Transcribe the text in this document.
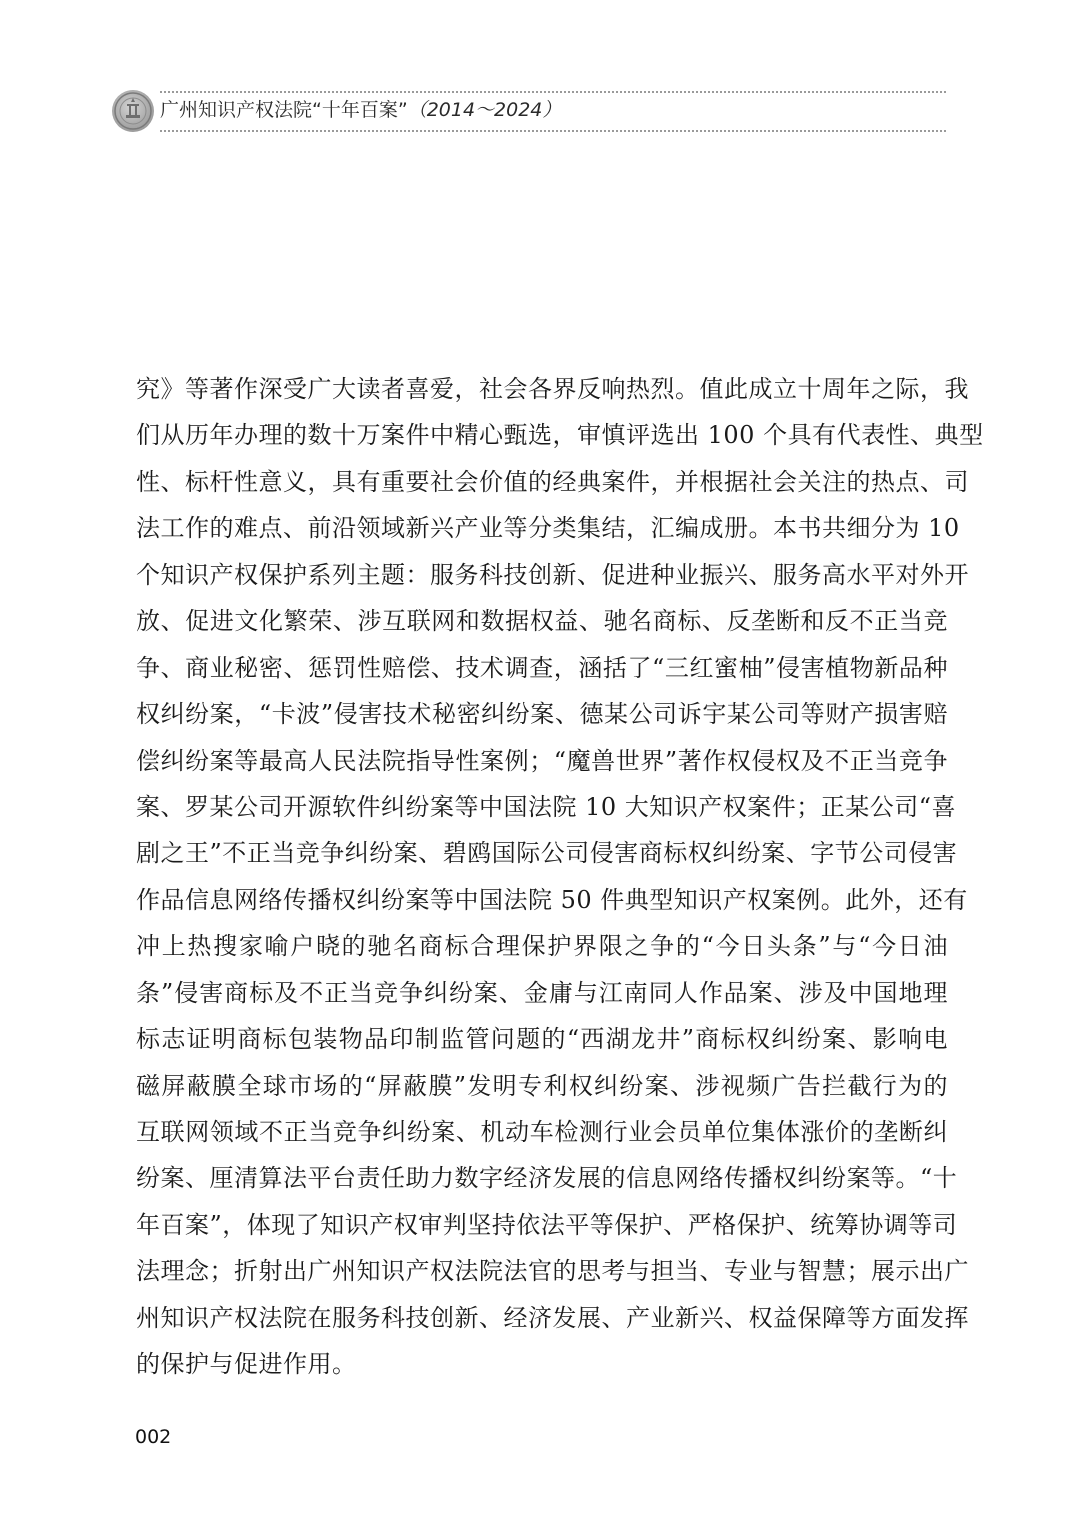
广州知识产权法院“十年百案”（2014～2024）
究》等著作深受广大读者喜爱，社会各界反响热烈。值此成立十周年之际，我
们从历年办理的数十万案件中精心甄选，审慎评选出 100 个具有代表性、典型
性、标杆性意义，具有重要社会价值的经典案件，并根据社会关注的热点、司
法工作的难点、前沿领域新兴产业等分类集结，汇编成册。本书共细分为 10
个知识产权保护系列主题：服务科技创新、促进种业振兴、服务高水平对外开
放、促进文化繁荣、涉互联网和数据权益、驰名商标、反垄断和反不正当竞
争、商业秘密、惩罚性赔偿、技术调查，涵括了“三红蜜柚”侵害植物新品种
权纠纷案，“卡波”侵害技术秘密纠纷案、德某公司诉宇某公司等财产损害赔
偿纠纷案等最高人民法院指导性案例；“魔兽世界”著作权侵权及不正当竞争
案、罗某公司开源软件纠纷案等中国法院 10 大知识产权案件；正某公司“喜
剧之王”不正当竞争纠纷案、碧鸥国际公司侵害商标权纠纷案、字节公司侵害
作品信息网络传播权纠纷案等中国法院 50 件典型知识产权案例。此外，还有
冲上热搜家喻户晓的驰名商标合理保护界限之争的“今日头条”与“今日油
条”侵害商标及不正当竞争纠纷案、金庸与江南同人作品案、涉及中国地理
标志证明商标包装物品印制监管问题的“西湖龙井”商标权纠纷案、影响电
磁屏蔽膜全球市场的“屏蔽膜”发明专利权纠纷案、涉视频广告拦截行为的
互联网领域不正当竞争纠纷案、机动车检测行业会员单位集体涨价的垄断纠
纷案、厘清算法平台责任助力数字经济发展的信息网络传播权纠纷案等。“十
年百案”，体现了知识产权审判坚持依法平等保护、严格保护、统筹协调等司
法理念；折射出广州知识产权法院法官的思考与担当、专业与智慧；展示出广
州知识产权法院在服务科技创新、经济发展、产业新兴、权益保障等方面发挥
的保护与促进作用。
002
